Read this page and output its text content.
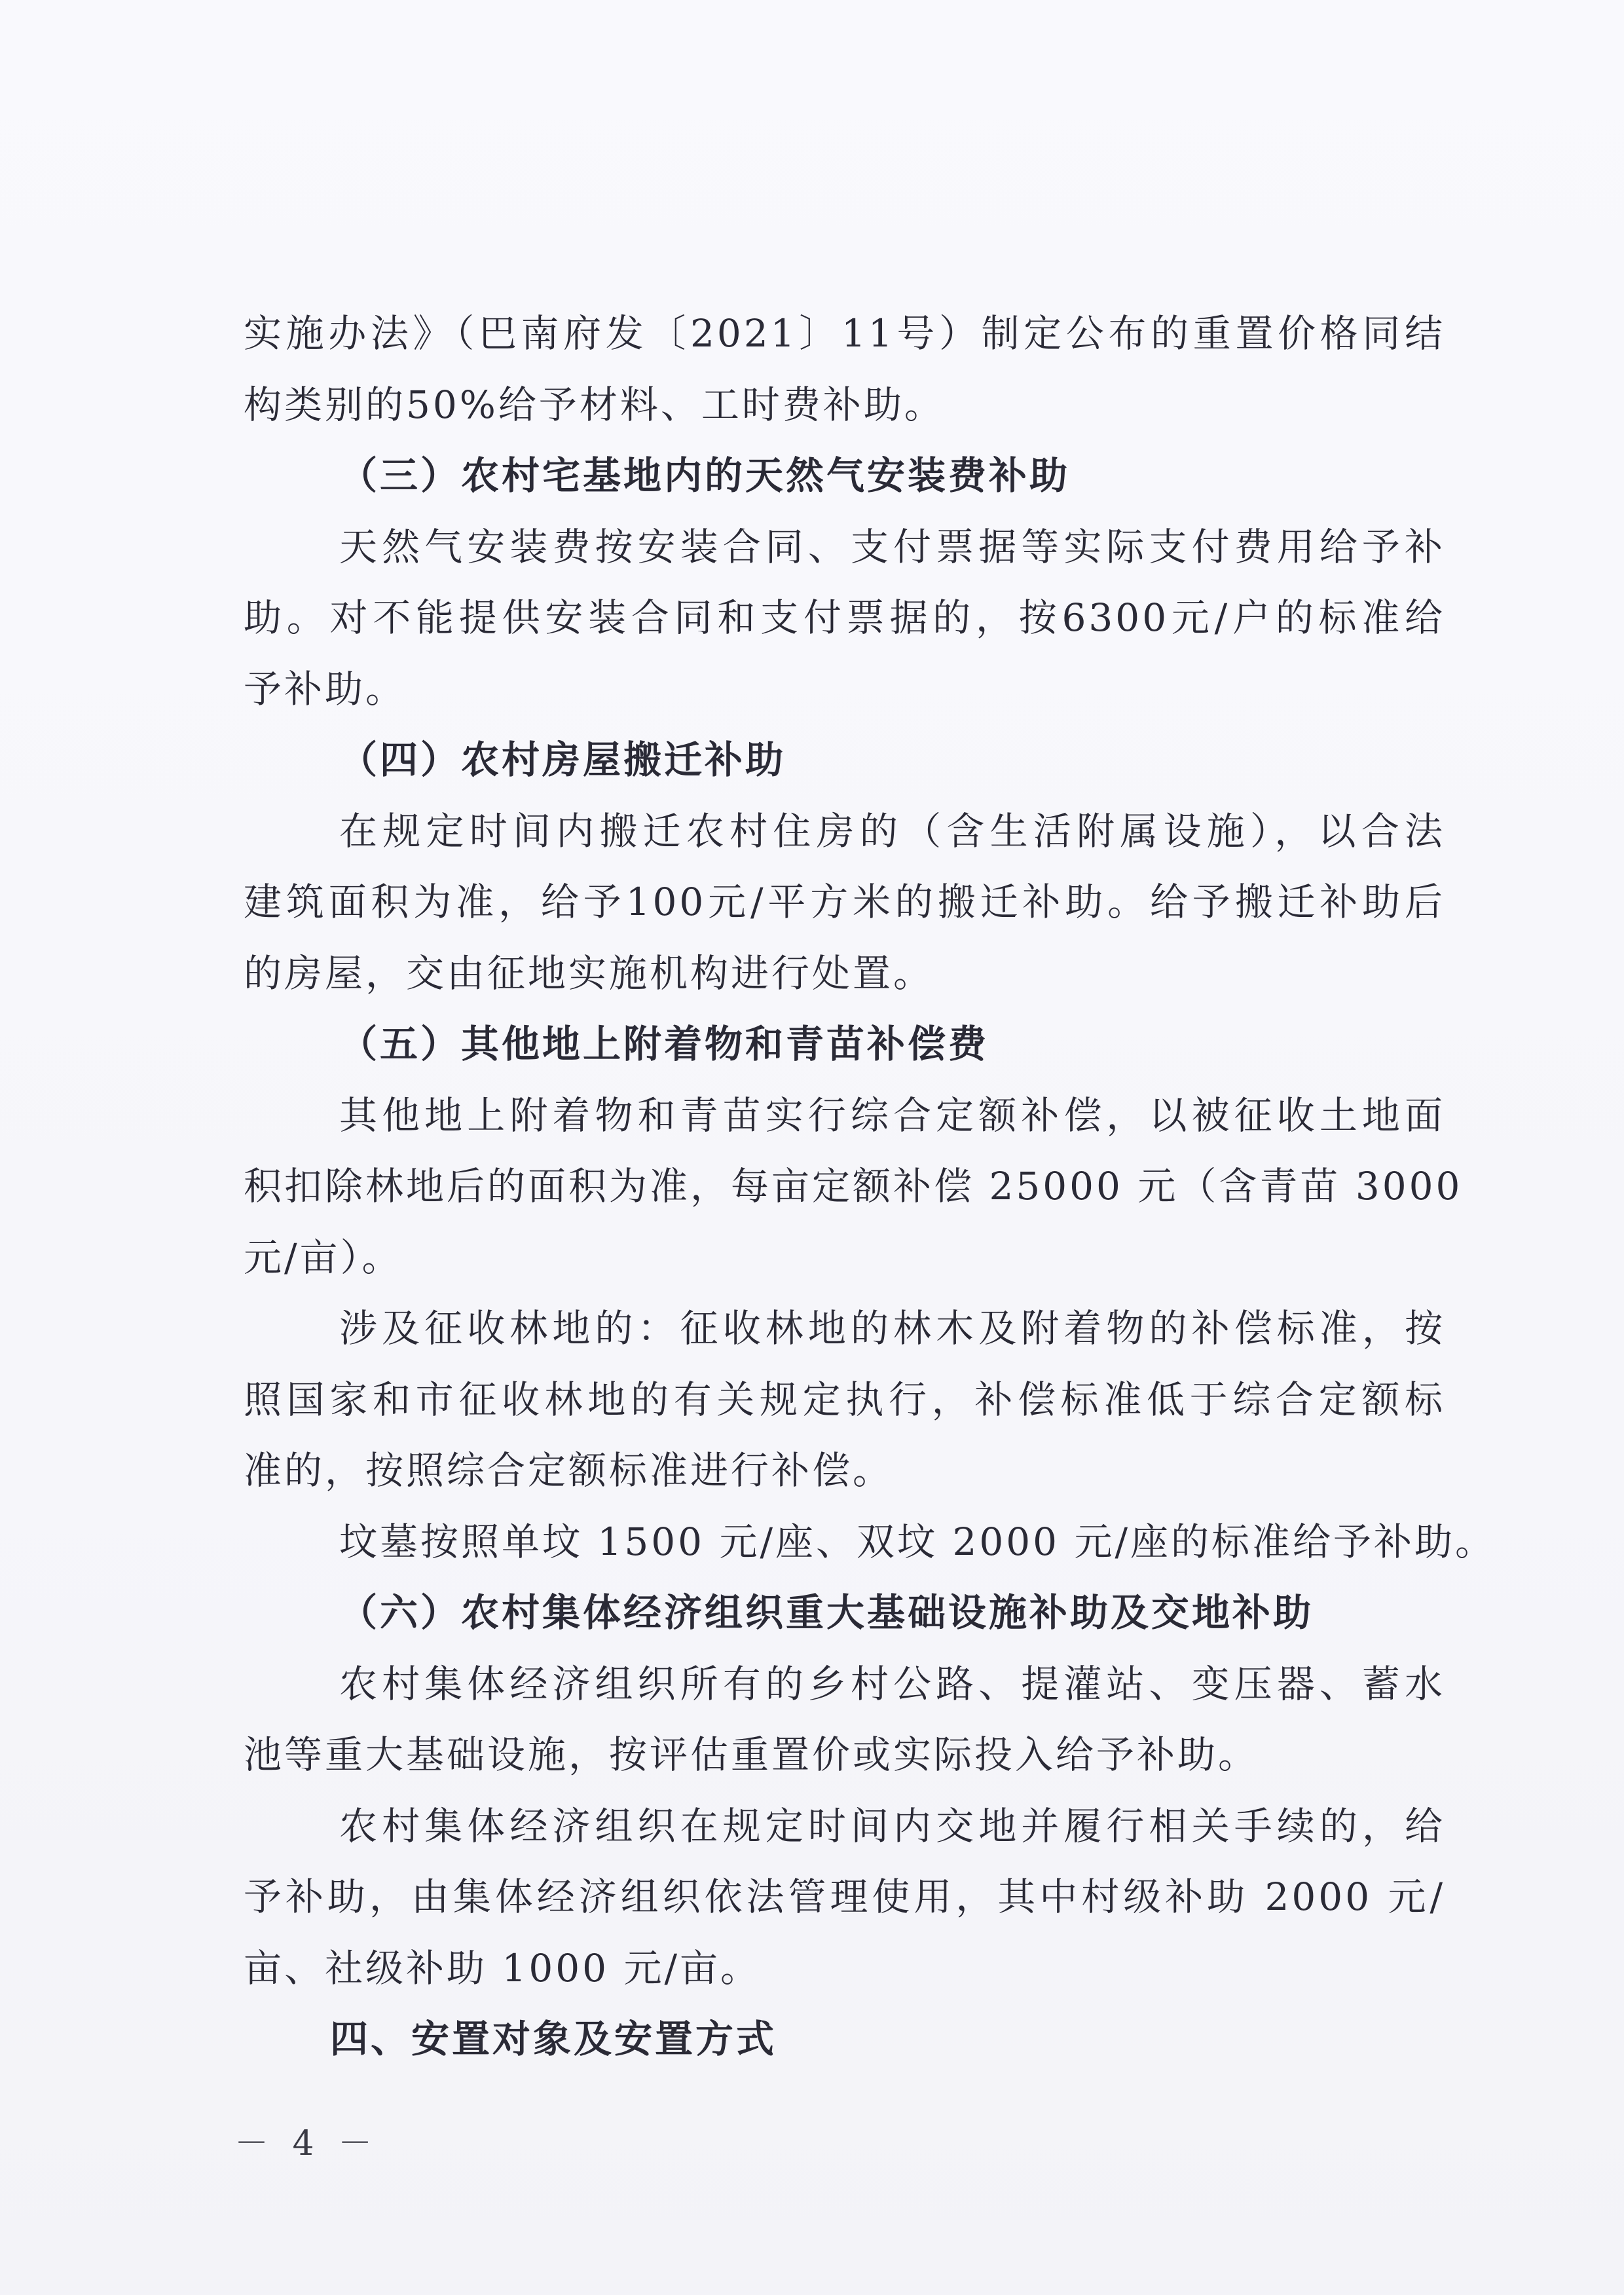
实施办法》（巴南府发〔2021〕11号）制定公布的重置价格同结

构类别的50%给予材料、工时费补助。

（三）农村宅基地内的天然气安装费补助

天然气安装费按安装合同、支付票据等实际支付费用给予补

助。对不能提供安装合同和支付票据的，按6300元/户的标准给

予补助。

（四）农村房屋搬迁补助

在规定时间内搬迁农村住房的（含生活附属设施），以合法

建筑面积为准，给予100元/平方米的搬迁补助。给予搬迁补助后

的房屋，交由征地实施机构进行处置。

（五）其他地上附着物和青苗补偿费

其他地上附着物和青苗实行综合定额补偿，以被征收土地面

积扣除林地后的面积为准，每亩定额补偿 25000 元（含青苗 3000

元/亩）。

涉及征收林地的：征收林地的林木及附着物的补偿标准，按

照国家和市征收林地的有关规定执行，补偿标准低于综合定额标

准的，按照综合定额标准进行补偿。

坟墓按照单坟 1500 元/座、双坟 2000 元/座的标准给予补助。

（六）农村集体经济组织重大基础设施补助及交地补助

农村集体经济组织所有的乡村公路、提灌站、变压器、蓄水

池等重大基础设施，按评估重置价或实际投入给予补助。

农村集体经济组织在规定时间内交地并履行相关手续的，给

予补助，由集体经济组织依法管理使用，其中村级补助 2000 元/

亩、社级补助 1000 元/亩。

四、安置对象及安置方式

－ 4 －
